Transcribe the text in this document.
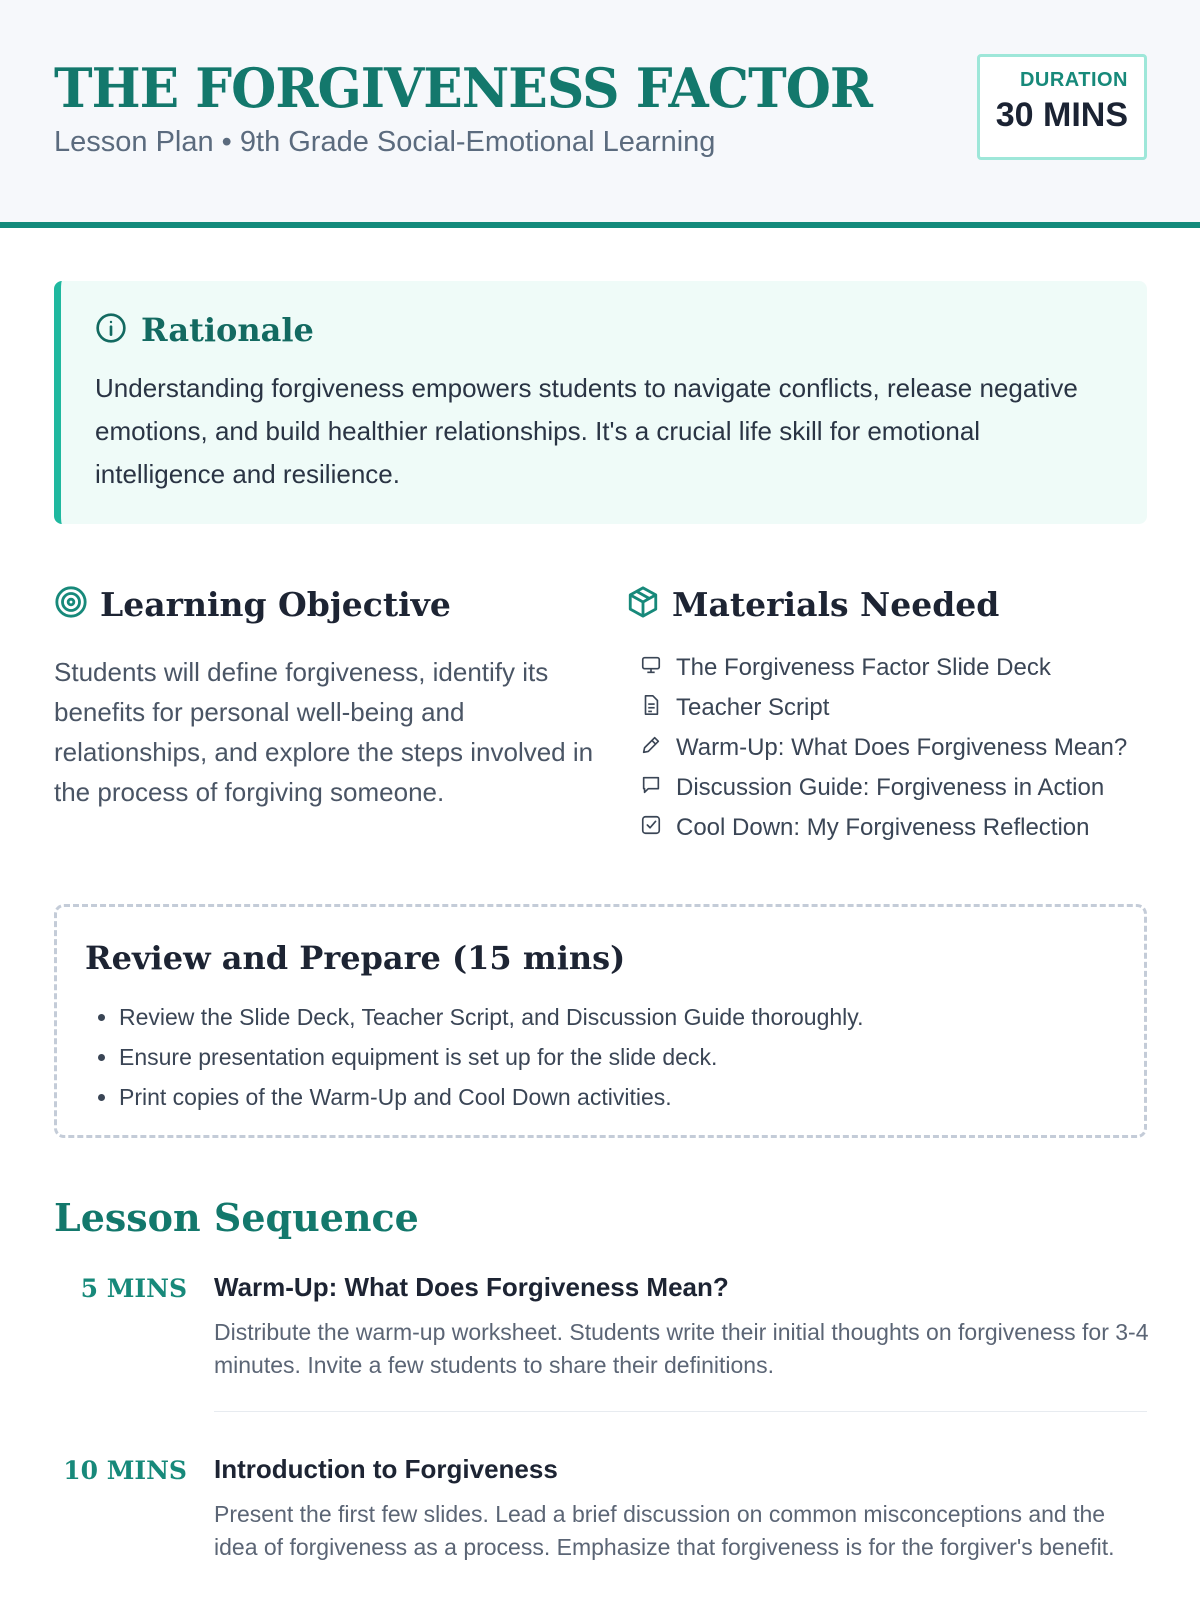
THE FORGIVENESS FACTOR
Lesson Plan • 9th Grade Social-Emotional Learning
DURATION
30 MINS
Rationale
Understanding forgiveness empowers students to navigate conflicts, release negative emotions, and build healthier relationships. It's a crucial life skill for emotional intelligence and resilience.
Learning Objective
Students will define forgiveness, identify its benefits for personal well-being and relationships, and explore the steps involved in the process of forgiving someone.
Materials Needed
The Forgiveness Factor Slide Deck
Teacher Script
Warm-Up: What Does Forgiveness Mean?
Discussion Guide: Forgiveness in Action
Cool Down: My Forgiveness Reflection
Review and Prepare (15 mins)
• Review the Slide Deck, Teacher Script, and Discussion Guide thoroughly.
• Ensure presentation equipment is set up for the slide deck.
• Print copies of the Warm-Up and Cool Down activities.
Lesson Sequence
5 MINS Warm-Up: What Does Forgiveness Mean?
Distribute the warm-up worksheet. Students write their initial thoughts on forgiveness for 3-4 minutes. Invite a few students to share their definitions.
10 MINS Introduction to Forgiveness
Present the first few slides. Lead a brief discussion on common misconceptions and the idea of forgiveness as a process. Emphasize that forgiveness is for the forgiver's benefit.
